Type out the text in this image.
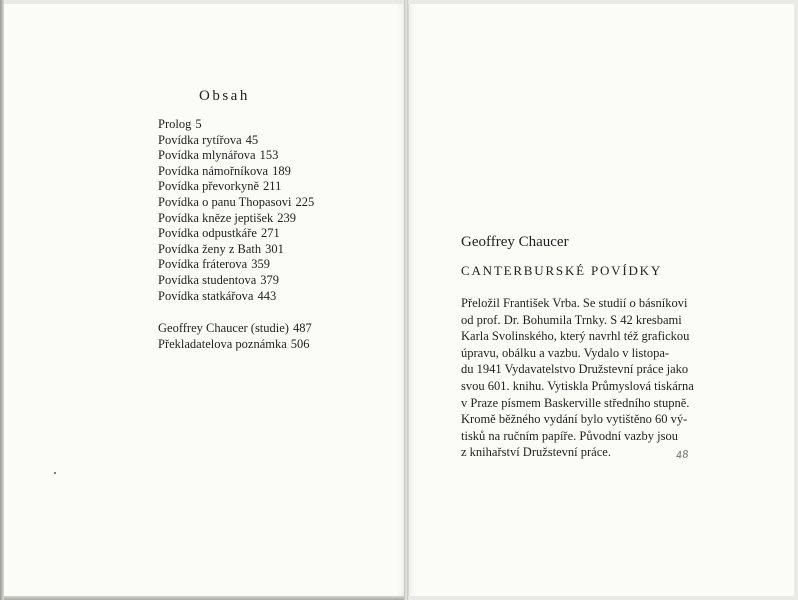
Obsah
Prolog 5
Povídka rytířova 45
Povídka mlynářova 153
Povídka námořníkova 189
Povídka převorkyně 211
Povídka o panu Thopasovi 225
Povídka kněze jeptišek 239
Povídka odpustkáře 271
Povídka ženy z Bath 301
Povídka fráterova 359
Povídka studentova 379
Povídka statkářova 443
Geoffrey Chaucer (studie) 487
Překladatelova poznámka 506
Geoffrey Chaucer
CANTERBURSKÉ POVÍDKY
Přeložil František Vrba. Se studií o básníkovi
od prof. Dr. Bohumila Trnky. S 42 kresbami
Karla Svolinského, který navrhl též grafickou
úpravu, obálku a vazbu. Vydalo v listopa-
du 1941 Vydavatelstvo Družstevní práce jako
svou 601. knihu. Vytiskla Průmyslová tiskárna
v Praze písmem Baskerville středního stupně.
Kromě běžného vydání bylo vytištěno 60 vý-
tisků na ručním papíře. Původní vazby jsou
z knihařství Družstevní práce.	48
